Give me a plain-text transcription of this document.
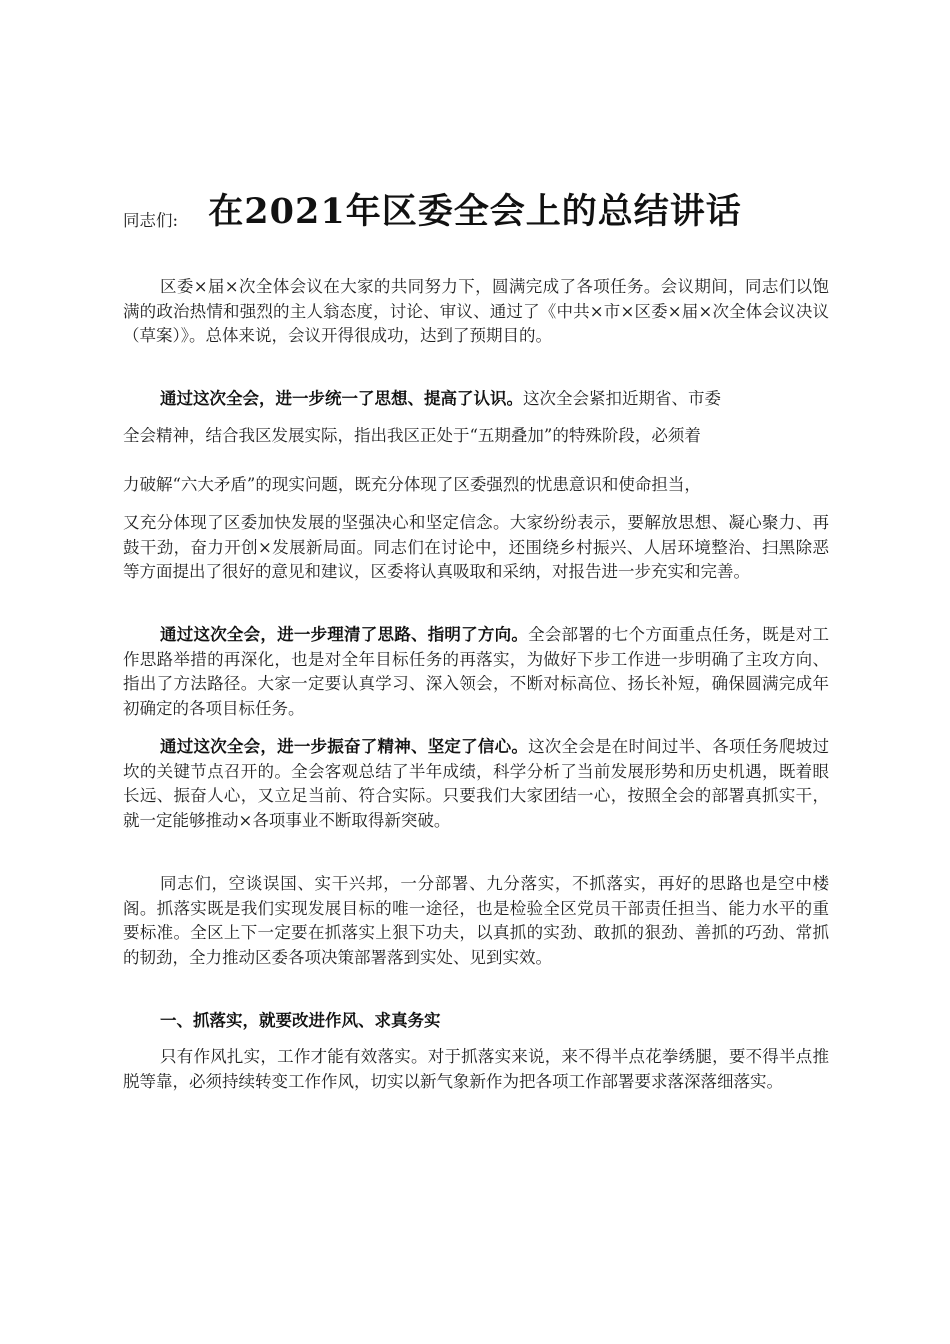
在2021年区委全会上的总结讲话

同志们:

区委×届×次全体会议在大家的共同努力下，圆满完成了各项任务。会议期间，同志们以饱满的政治热情和强烈的主人翁态度，讨论、审议、通过了《中共×市×区委×届×次全体会议决议（草案）》。总体来说，会议开得很成功，达到了预期目的。

通过这次全会，进一步统一了思想、提高了认识。这次全会紧扣近期省、市委

全会精神，结合我区发展实际，指出我区正处于“五期叠加”的特殊阶段，必须着

力破解“六大矛盾”的现实问题，既充分体现了区委强烈的忧患意识和使命担当，

又充分体现了区委加快发展的坚强决心和坚定信念。大家纷纷表示，要解放思想、凝心聚力、再鼓干劲，奋力开创×发展新局面。同志们在讨论中，还围绕乡村振兴、人居环境整治、扫黑除恶等方面提出了很好的意见和建议，区委将认真吸取和采纳，对报告进一步充实和完善。

通过这次全会，进一步理清了思路、指明了方向。全会部署的七个方面重点任务，既是对工作思路举措的再深化，也是对全年目标任务的再落实，为做好下步工作进一步明确了主攻方向、指出了方法路径。大家一定要认真学习、深入领会，不断对标高位、扬长补短，确保圆满完成年初确定的各项目标任务。

通过这次全会，进一步振奋了精神、坚定了信心。这次全会是在时间过半、各项任务爬坡过坎的关键节点召开的。全会客观总结了半年成绩，科学分析了当前发展形势和历史机遇，既着眼长远、振奋人心，又立足当前、符合实际。只要我们大家团结一心，按照全会的部署真抓实干，就一定能够推动×各项事业不断取得新突破。

同志们，空谈误国、实干兴邦，一分部署、九分落实，不抓落实，再好的思路也是空中楼阁。抓落实既是我们实现发展目标的唯一途径，也是检验全区党员干部责任担当、能力水平的重要标准。全区上下一定要在抓落实上狠下功夫，以真抓的实劲、敢抓的狠劲、善抓的巧劲、常抓的韧劲，全力推动区委各项决策部署落到实处、见到实效。

一、抓落实，就要改进作风、求真务实

只有作风扎实，工作才能有效落实。对于抓落实来说，来不得半点花拳绣腿，要不得半点推脱等靠，必须持续转变工作作风，切实以新气象新作为把各项工作部署要求落深落细落实。
